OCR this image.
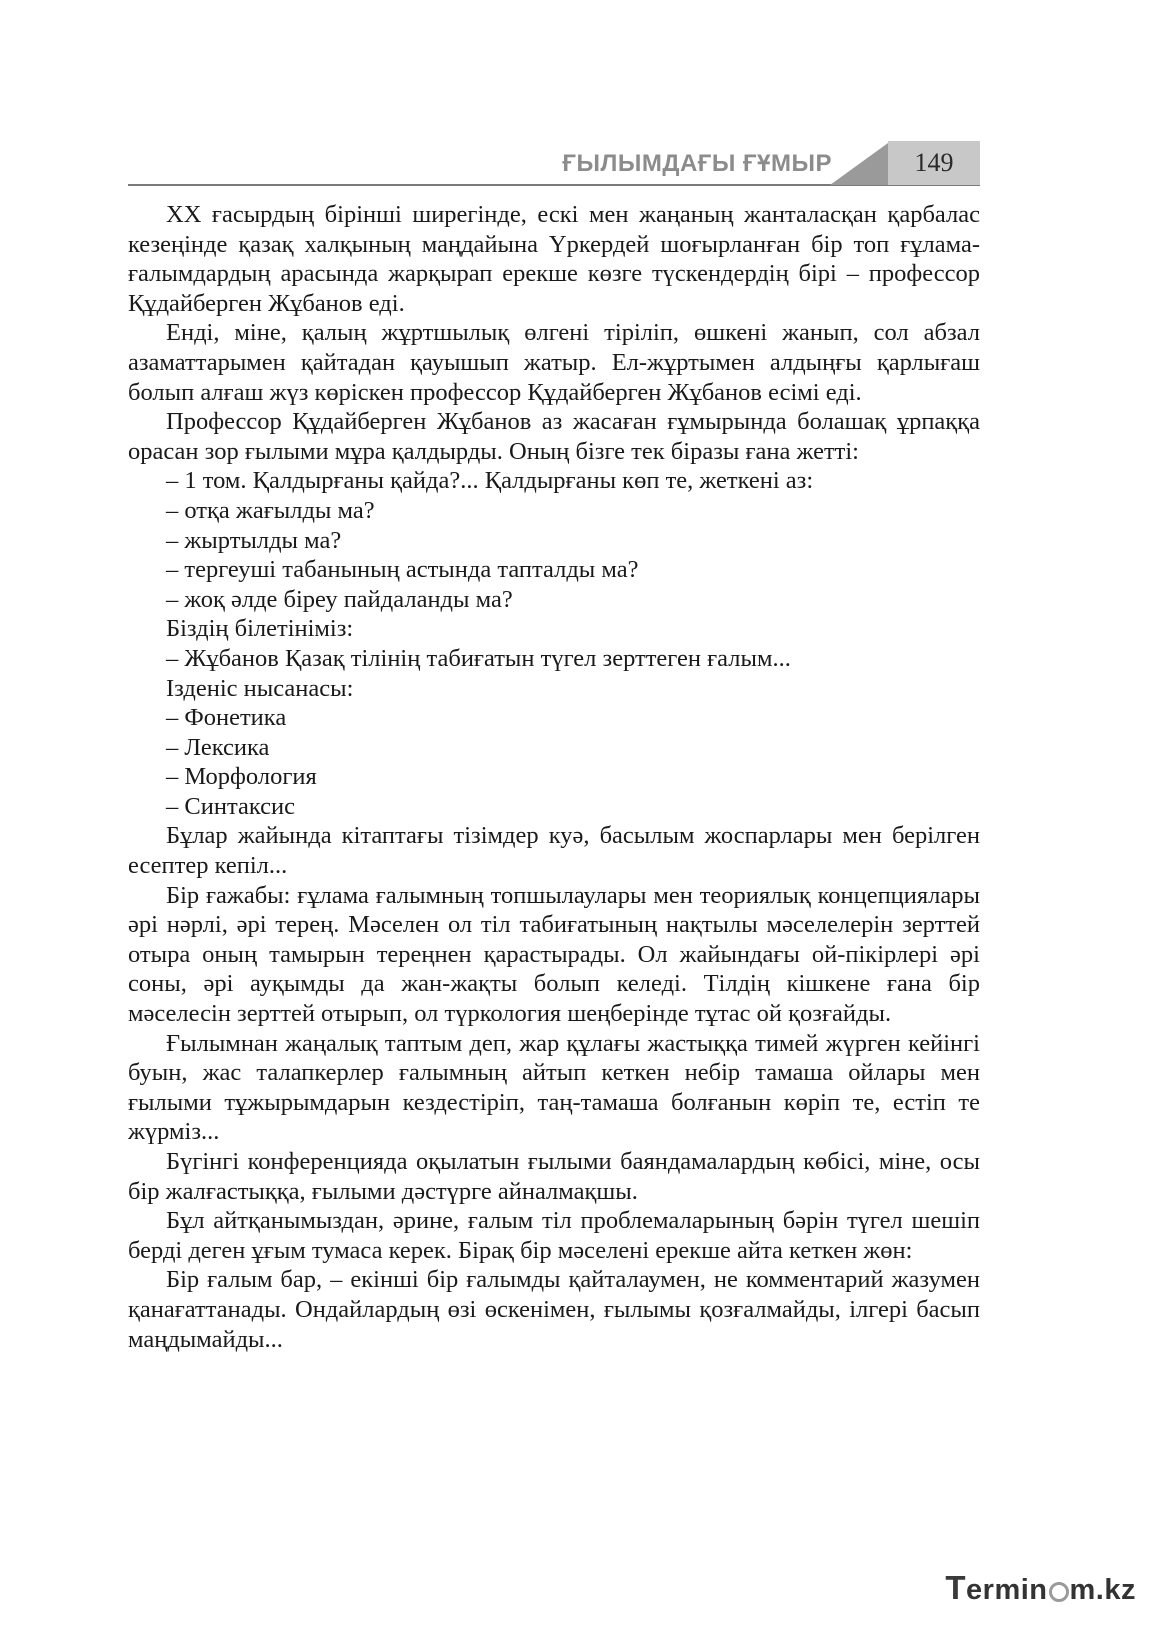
ҒЫЛЫМДАҒЫ ҒҰМЫР	149

ХХ ғасырдың бірінші ширегінде, ескі мен жаңаның жанталасқан қарбалас кезеңінде қазақ халқының маңдайына Үркердей шоғырланған бір топ ғұлама-ғалымдардың арасында жарқырап ерекше көзге түскендердің бірі – профессор Құдайберген Жұбанов еді.

Енді, міне, қалың жұртшылық өлгені тіріліп, өшкені жанып, сол абзал азаматтарымен қайтадан қауышып жатыр. Ел-жұртымен алдыңғы қарлығаш болып алғаш жүз көріскен профессор Құдайберген Жұбанов есімі еді.

Профессор Құдайберген Жұбанов аз жасаған ғұмырында болашақ ұрпаққа орасан зор ғылыми мұра қалдырды. Оның бізге тек біразы ғана жетті:

– 1 том. Қалдырғаны қайда?... Қалдырғаны көп те, жеткені аз:

– отқа жағылды ма?

– жыртылды ма?

– тергеуші табанының астында тапталды ма?

– жоқ әлде біреу пайдаланды ма?

Біздің білетініміз:

– Жұбанов Қазақ тілінің табиғатын түгел зерттеген ғалым...

Ізденіс нысанасы:

– Фонетика

– Лексика

– Морфология

– Синтаксис

Бұлар жайында кітаптағы тізімдер куә, басылым жоспарлары мен берілген есептер кепіл...

Бір ғажабы: ғұлама ғалымның топшылаулары мен теориялық концепциялары әрі нәрлі, әрі терең. Мәселен ол тіл табиғатының нақтылы мәселелерін зерттей отыра оның тамырын тереңнен қарастырады. Ол жайындағы ой-пікірлері әрі соны, әрі ауқымды да жан-жақты болып келеді. Тілдің кішкене ғана бір мәселесін зерттей отырып, ол түркология шеңберінде тұтас ой қозғайды.

Ғылымнан жаңалық таптым деп, жар құлағы жастыққа тимей жүрген кейінгі буын, жас талапкерлер ғалымның айтып кеткен небір тамаша ойлары мен ғылыми тұжырымдарын кездестіріп, таң-тамаша болғанын көріп те, естіп те жүрміз...

Бүгінгі конференцияда оқылатын ғылыми баяндамалардың көбісі, міне, осы бір жалғастыққа, ғылыми дәстүрге айналмақшы.

Бұл айтқанымыздан, әрине, ғалым тіл проблемаларының бәрін түгел шешіп берді деген ұғым тумаса керек. Бірақ бір мәселені ерекше айта кеткен жөн:

Бір ғалым бар, – екінші бір ғалымды қайталаумен, не комментарий жазумен қанағаттанады. Ондайлардың өзі өскенімен, ғылымы қозғалмайды, ілгері басып маңдымайды...

Termin m.kz
